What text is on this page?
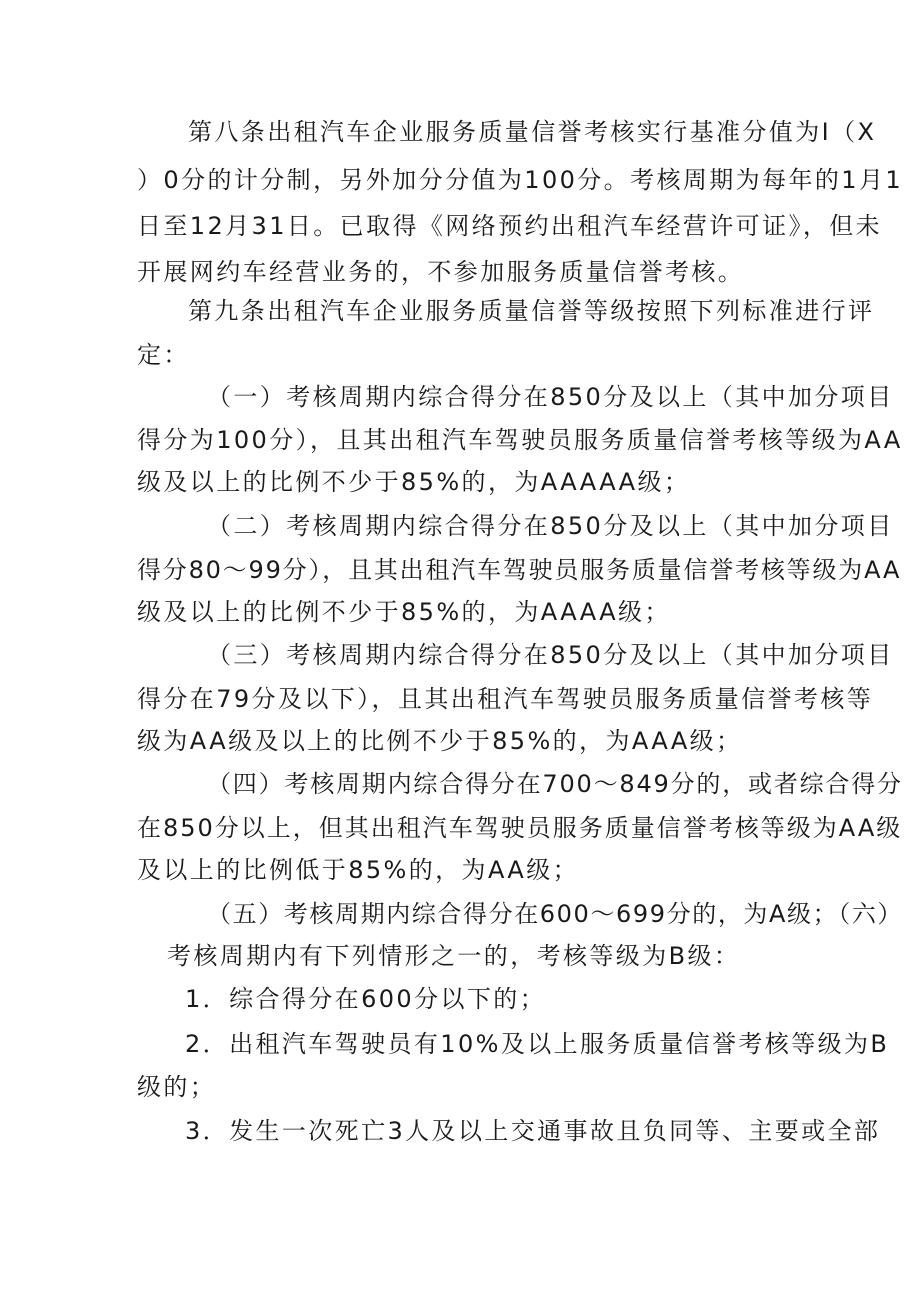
第八条出租汽车企业服务质量信誉考核实行基准分值为I（X
）0分的计分制，另外加分分值为100分。考核周期为每年的1月1
日至12月31日。已取得《网络预约出租汽车经营许可证》，但未
开展网约车经营业务的，不参加服务质量信誉考核。
第九条出租汽车企业服务质量信誉等级按照下列标准进行评
定：
（一）考核周期内综合得分在850分及以上（其中加分项目
得分为100分），且其出租汽车驾驶员服务质量信誉考核等级为AA
级及以上的比例不少于85%的，为AAAAA级；
（二）考核周期内综合得分在850分及以上（其中加分项目
得分80～99分），且其出租汽车驾驶员服务质量信誉考核等级为AA
级及以上的比例不少于85%的，为AAAA级；
（三）考核周期内综合得分在850分及以上（其中加分项目
得分在79分及以下），且其出租汽车驾驶员服务质量信誉考核等
级为AA级及以上的比例不少于85%的，为AAA级；
（四）考核周期内综合得分在700～849分的，或者综合得分
在850分以上，但其出租汽车驾驶员服务质量信誉考核等级为AA级
及以上的比例低于85%的，为AA级；
（五）考核周期内综合得分在600～699分的，为A级；（六）
考核周期内有下列情形之一的，考核等级为B级：
1．综合得分在600分以下的；
2．出租汽车驾驶员有10%及以上服务质量信誉考核等级为B
级的；
3．发生一次死亡3人及以上交通事故且负同等、主要或全部
